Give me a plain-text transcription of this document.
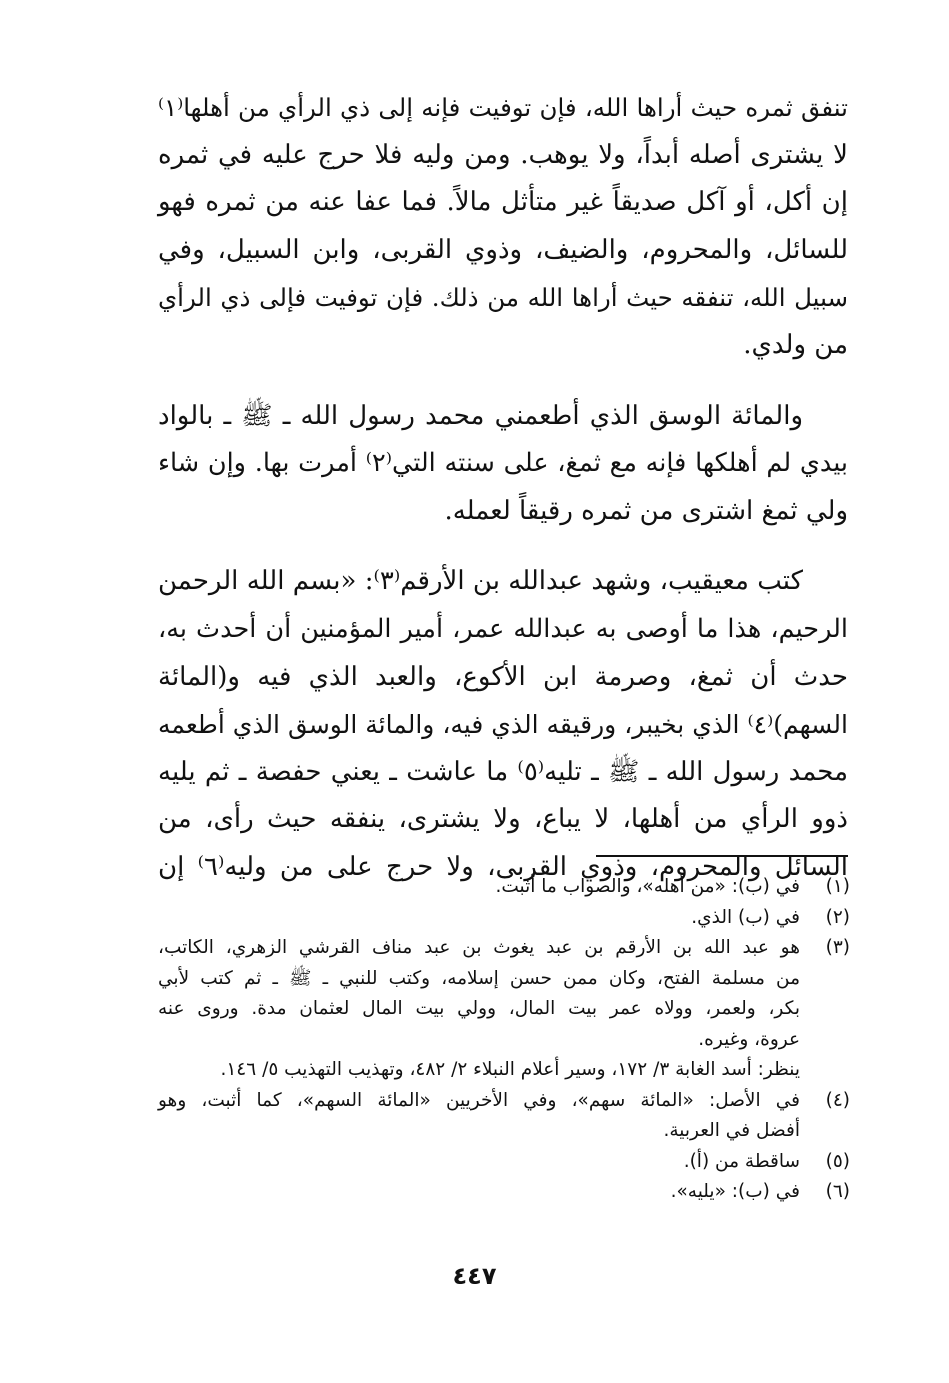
تنفق ثمره حيث أراها الله، فإن توفيت فإنه إلى ذي الرأي من أهلها⁽١⁾
لا يشترى أصله أبداً، ولا يوهب. ومن وليه فلا حرج عليه في ثمره
إن أكل، أو آكل صديقاً غير متأثل مالاً. فما عفا عنه من ثمره فهو
للسائل، والمحروم، والضيف، وذوي القربى، وابن السبيل، وفي
سبيل الله، تنفقه حيث أراها الله من ذلك. فإن توفيت فإلى ذي الرأي
من ولدي.
والمائة الوسق الذي أطعمني محمد رسول الله ـ ﷺ ـ بالواد
بيدي لم أهلكها فإنه مع ثمغ، على سنته التي⁽٢⁾ أمرت بها. وإن شاء
ولي ثمغ اشترى من ثمره رقيقاً لعمله.
كتب معيقيب، وشهد عبدالله بن الأرقم⁽٣⁾: «بسم الله الرحمن
الرحيم، هذا ما أوصى به عبدالله عمر، أمير المؤمنين أن أحدث به،
حدث أن ثمغ، وصرمة ابن الأكوع، والعبد الذي فيه و(المائة
السهم)⁽٤⁾ الذي بخيبر، ورقيقه الذي فيه، والمائة الوسق الذي أطعمه
محمد رسول الله ـ ﷺ ـ تليه⁽٥⁾ ما عاشت ـ يعني حفصة ـ ثم يليه
ذوو الرأي من أهلها، لا يباع، ولا يشترى، ينفقه حيث رأى، من
السائل والمحروم، وذوي القربى، ولا حرج على من وليه⁽٦⁾ إن
(١)
في (ب): «من أهله»، والصواب ما أثبت.
(٢)
في (ب) الذي.
(٣)
هو عبد الله بن الأرقم بن عبد يغوث بن عبد مناف القرشي الزهري، الكاتب،
من مسلمة الفتح، وكان ممن حسن إسلامه، وكتب للنبي ـ ﷺ ـ ثم كتب لأبي
بكر، ولعمر، وولاه عمر بيت المال، وولي بيت المال لعثمان مدة. وروى عنه
عروة، وغيره.
ينظر: أسد الغابة ٣/ ١٧٢، وسير أعلام النبلاء ٢/ ٤٨٢، وتهذيب التهذيب ٥/ ١٤٦.
(٤)
في الأصل: «المائة سهم»، وفي الأخريين «المائة السهم»، كما أثبت، وهو
أفضل في العربية.
(٥)
ساقطة من (أ).
(٦)
في (ب): «يليه».
٤٤٧
